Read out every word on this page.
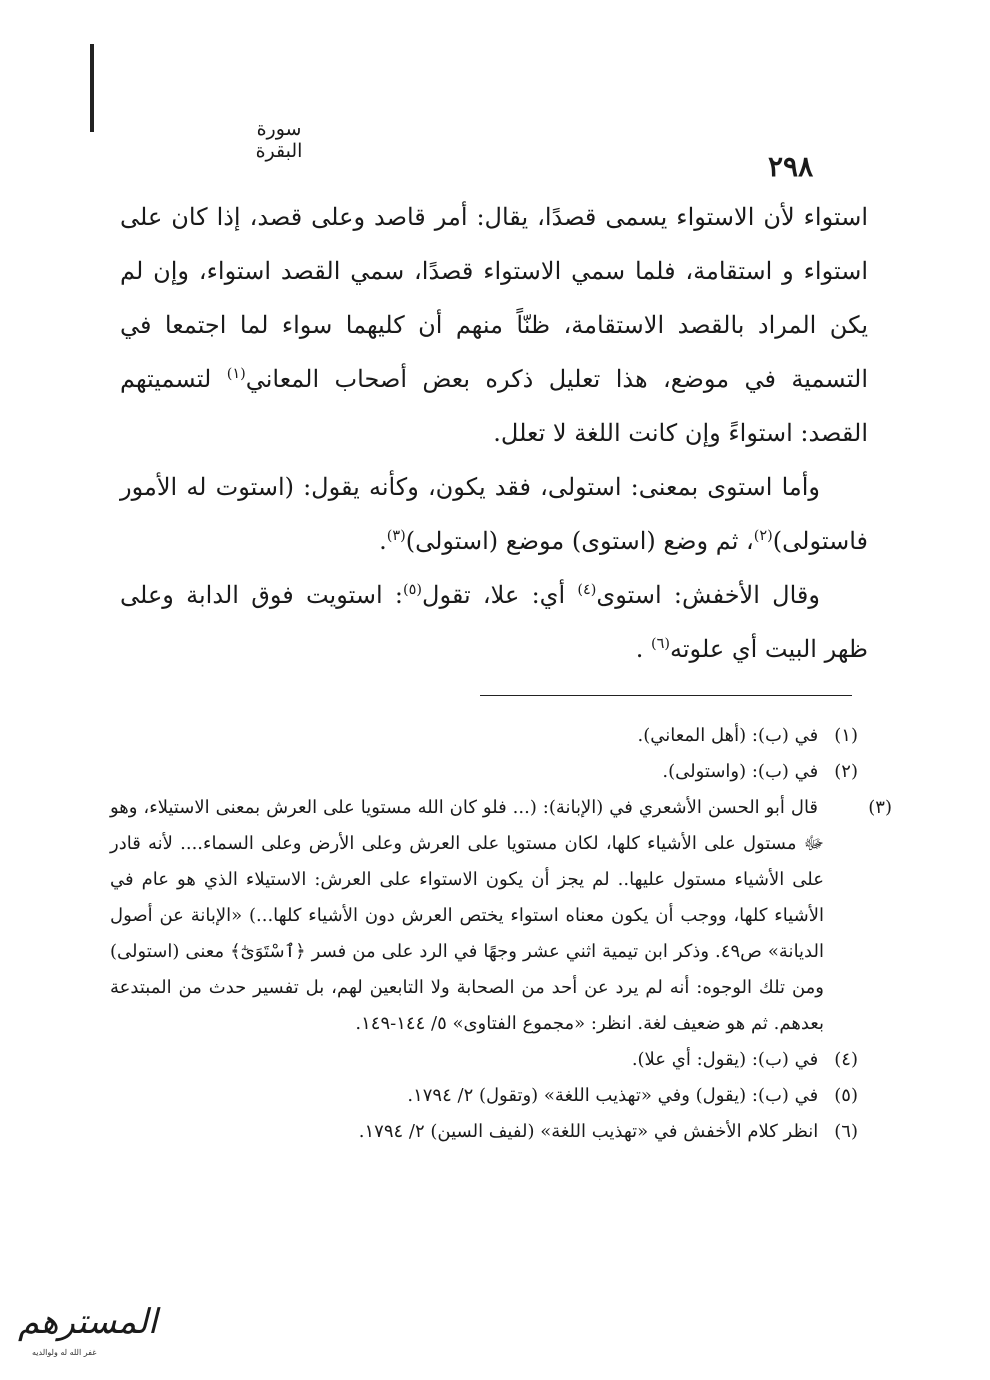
سورة البقرة	٢٩٨

استواء لأن الاستواء يسمى قصدًا، يقال: أمر قاصد وعلى قصد، إذا كان على استواء و استقامة، فلما سمي الاستواء قصدًا، سمي القصد استواء، وإن لم يكن المراد بالقصد الاستقامة، ظنّاً منهم أن كليهما سواء لما اجتمعا في التسمية في موضع، هذا تعليل ذكره بعض أصحاب المعاني$^{(١)}$ لتسميتهم القصد: استواءً وإن كانت اللغة لا تعلل.

وأما استوى بمعنى: استولى، فقد يكون، وكأنه يقول: (استوت له الأمور فاستولى)$^{(٢)}$، ثم وضع (استوى) موضع (استولى)$^{(٣)}$.

وقال الأخفش: استوى$^{(٤)}$ أي: علا، تقول$^{(٥)}$: استويت فوق الدابة وعلى ظهر البيت أي علوته$^{(٦)}$ .

(١) في (ب): (أهل المعاني).

(٢) في (ب): (واستولى).

(٣) قال أبو الحسن الأشعري في (الإبانة): (... فلو كان الله مستويا على العرش بمعنى الاستيلاء، وهو ﷻ مستول على الأشياء كلها، لكان مستويا على العرش وعلى الأرض وعلى السماء.... لأنه قادر على الأشياء مستول عليها.. لم يجز أن يكون الاستواء على العرش: الاستيلاء الذي هو عام في الأشياء كلها، ووجب أن يكون معناه استواء يختص العرش دون الأشياء كلها...) «الإبانة عن أصول الديانة» ص٤٩. وذكر ابن تيمية اثني عشر وجهًا في الرد على من فسر ﴿ٱسْتَوَىٰٓ﴾ معنى (استولى) ومن تلك الوجوه: أنه لم يرد عن أحد من الصحابة ولا التابعين لهم، بل تفسير حدث من المبتدعة بعدهم. ثم هو ضعيف لغة. انظر: «مجموع الفتاوى» ٥/ ١٤٤-١٤٩.

(٤) في (ب): (يقول: أي علا).

(٥) في (ب): (يقول) وفي «تهذيب اللغة» (وتقول) ٢/ ١٧٩٤.

(٦) انظر كلام الأخفش في «تهذيب اللغة» (لفيف السين) ٢/ ١٧٩٤.

المسترهم
غفر الله له ولوالديه
